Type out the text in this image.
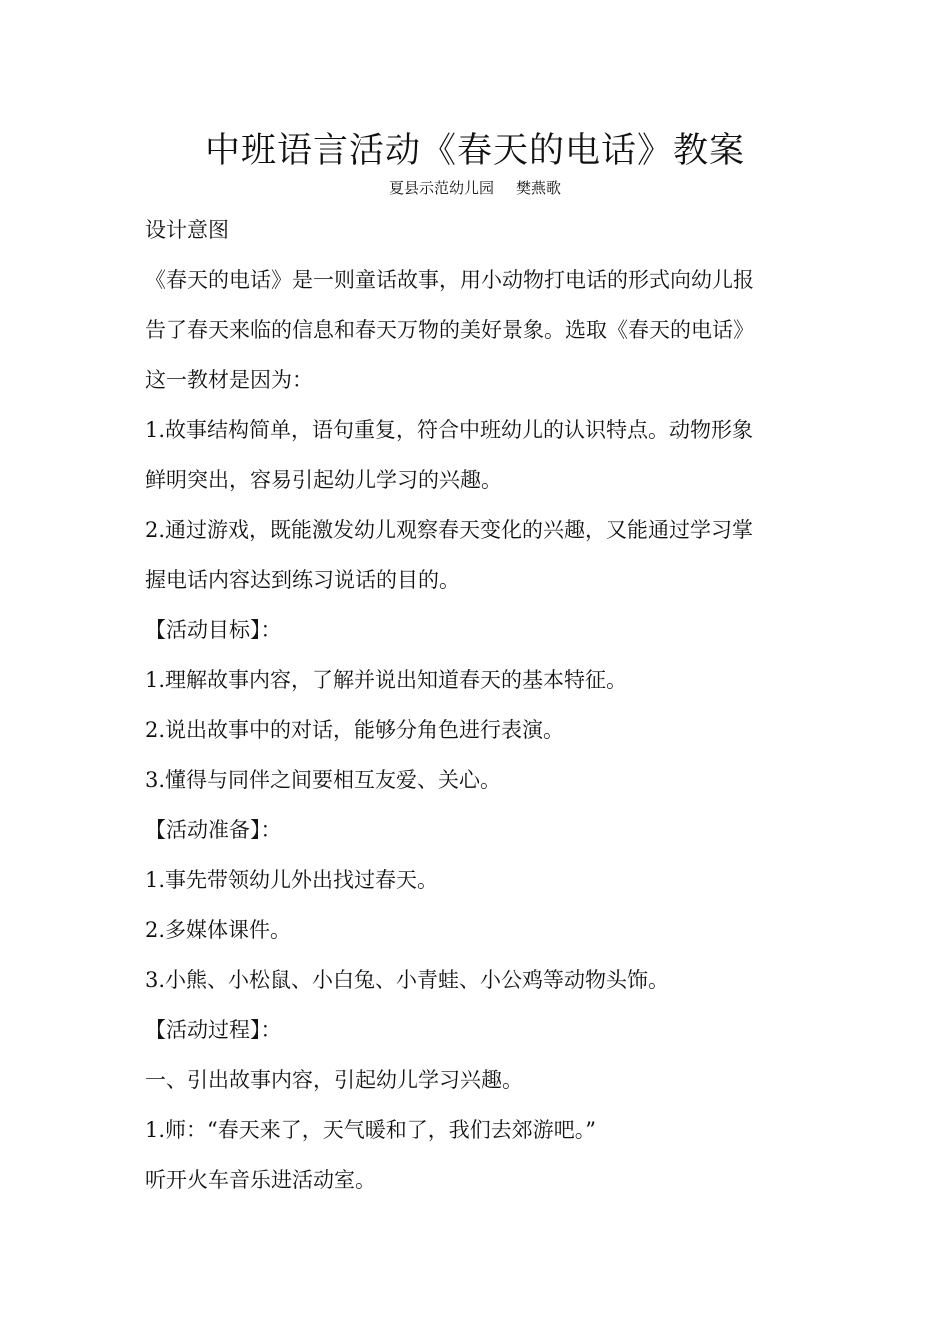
中班语言活动《春天的电话》教案
夏县示范幼儿园 樊燕歌

设计意图

《春天的电话》是一则童话故事，用小动物打电话的形式向幼儿报

告了春天来临的信息和春天万物的美好景象。选取《春天的电话》

这一教材是因为：

1.故事结构简单，语句重复，符合中班幼儿的认识特点。动物形象

鲜明突出，容易引起幼儿学习的兴趣。

2.通过游戏，既能激发幼儿观察春天变化的兴趣，又能通过学习掌

握电话内容达到练习说话的目的。

【活动目标】：

1.理解故事内容，了解并说出知道春天的基本特征。

2.说出故事中的对话，能够分角色进行表演。

3.懂得与同伴之间要相互友爱、关心。

【活动准备】：

1.事先带领幼儿外出找过春天。

2.多媒体课件。

3.小熊、小松鼠、小白兔、小青蛙、小公鸡等动物头饰。

【活动过程】：

一、引出故事内容，引起幼儿学习兴趣。

1.师：“春天来了，天气暖和了，我们去郊游吧。”

听开火车音乐进活动室。
